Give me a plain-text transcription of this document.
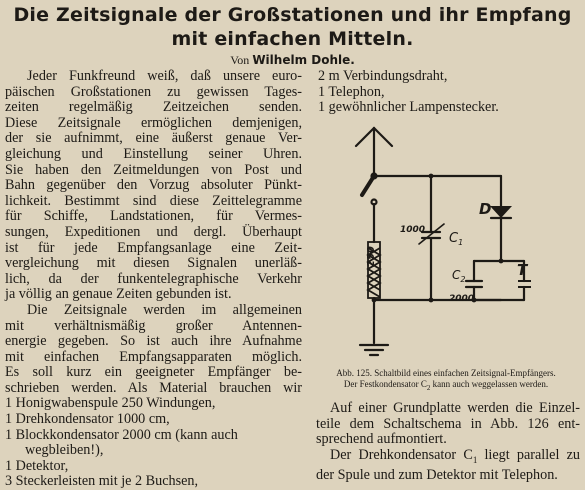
Die Zeitsignale der Großstationen und ihr Empfang
mit einfachen Mitteln.
Von Wilhelm Dohle.

Jeder Funkfreund weiß, daß unsere euro-

päischen Großstationen zu gewissen Tages-

zeiten regelmäßig Zeitzeichen senden.

Diese Zeitsignale ermöglichen demjenigen,

der sie aufnimmt, eine äußerst genaue Ver-

gleichung und Einstellung seiner Uhren.

Sie haben den Zeitmeldungen von Post und

Bahn gegenüber den Vorzug absoluter Pünkt-

lichkeit. Bestimmt sind diese Zeittelegramme

für Schiffe, Landstationen, für Vermes-

sungen, Expeditionen und dergl. Überhaupt

ist für jede Empfangsanlage eine Zeit-

vergleichung mit diesen Signalen unerläß-

lich, da der funkentelegraphische Verkehr

ja völlig an genaue Zeiten gebunden ist.

Die Zeitsignale werden im allgemeinen

mit verhältnismäßig großer Antennen-

energie gegeben. So ist auch ihre Aufnahme

mit einfachen Empfangsapparaten möglich.

Es soll kurz ein geeigneter Empfänger be-

schrieben werden. Als Material brauchen wir

1 Honigwabenspule 250 Windungen,

1 Drehkondensator 1000 cm,

1 Blockkondensator 2000 cm (kann auch

wegbleiben!),

1 Detektor,

3 Steckerleisten mit je 2 Buchsen,

2 m Verbindungsdraht,
1 Telephon,
1 gewöhnlicher Lampenstecker.
250
1000
$C_1$
D
$C_2$
2000
T
Abb. 125. Schaltbild eines einfachen Zeitsignal-Empfängers.
Der Festkondensator $C_2$ kann auch weggelassen werden.

Auf einer Grundplatte werden die Einzel-

teile dem Schaltschema in Abb. 126 ent-

sprechend aufmontiert.

Der Drehkondensator $C_1$ liegt parallel zu

der Spule und zum Detektor mit Telephon.
